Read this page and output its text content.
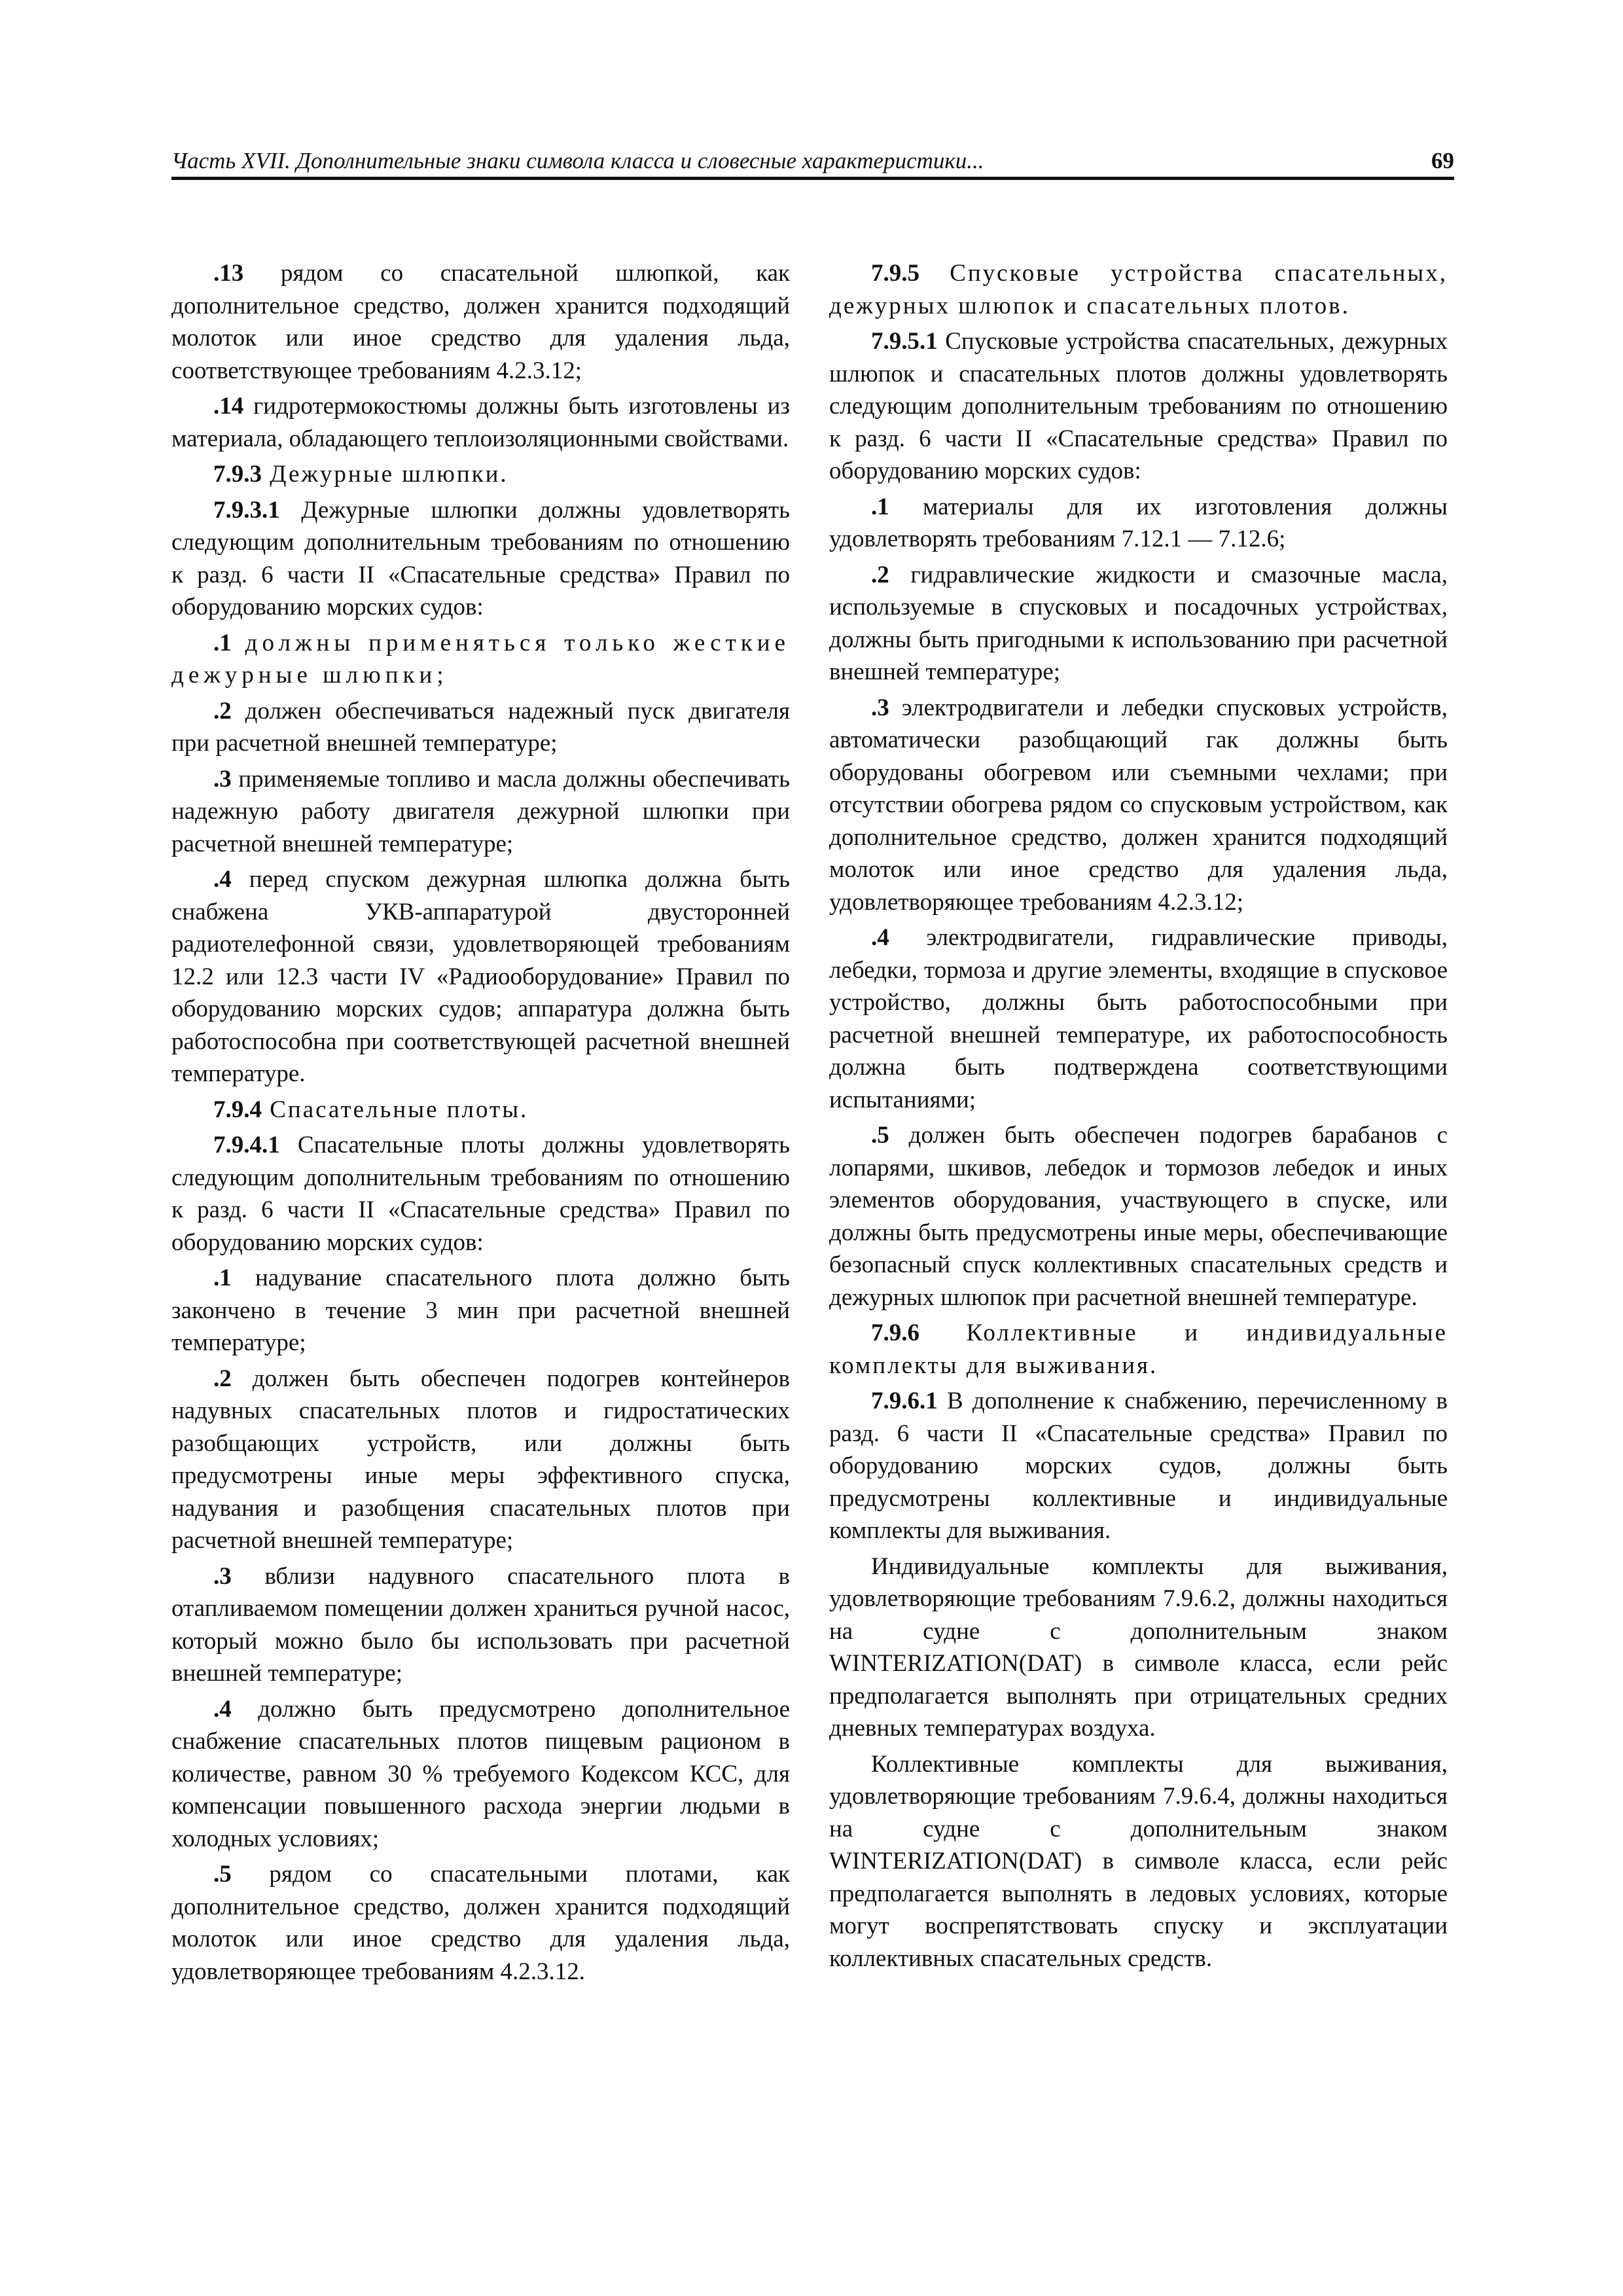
Часть XVII. Дополнительные знаки символа класса и словесные характеристики...	69

.13 рядом со спасательной шлюпкой, как дополнительное средство, должен хранится подходящий молоток или иное средство для удаления льда, соответствующее требованиям 4.2.3.12;

.14 гидротермокостюмы должны быть изготовлены из материала, обладающего теплоизоляционными свойствами.

7.9.3 Дежурные шлюпки.

7.9.3.1 Дежурные шлюпки должны удовлетворять следующим дополнительным требованиям по отношению к разд. 6 части II «Спасательные средства» Правил по оборудованию морских судов:

.1 должны применяться только жесткие дежурные шлюпки;

.2 должен обеспечиваться надежный пуск двигателя при расчетной внешней температуре;

.3 применяемые топливо и масла должны обеспечивать надежную работу двигателя дежурной шлюпки при расчетной внешней температуре;

.4 перед спуском дежурная шлюпка должна быть снабжена УКВ-аппаратурой двусторонней радиотелефонной связи, удовлетворяющей требованиям 12.2 или 12.3 части IV «Радиооборудование» Правил по оборудованию морских судов; аппаратура должна быть работоспособна при соответствующей расчетной внешней температуре.

7.9.4 Спасательные плоты.

7.9.4.1 Спасательные плоты должны удовлетворять следующим дополнительным требованиям по отношению к разд. 6 части II «Спасательные средства» Правил по оборудованию морских судов:

.1 надувание спасательного плота должно быть закончено в течение 3 мин при расчетной внешней температуре;

.2 должен быть обеспечен подогрев контейнеров надувных спасательных плотов и гидростатических разобщающих устройств, или должны быть предусмотрены иные меры эффективного спуска, надувания и разобщения спасательных плотов при расчетной внешней температуре;

.3 вблизи надувного спасательного плота в отапливаемом помещении должен храниться ручной насос, который можно было бы использовать при расчетной внешней температуре;

.4 должно быть предусмотрено дополнительное снабжение спасательных плотов пищевым рационом в количестве, равном 30 % требуемого Кодексом КСС, для компенсации повышенного расхода энергии людьми в холодных условиях;

.5 рядом со спасательными плотами, как дополнительное средство, должен хранится подходящий молоток или иное средство для удаления льда, удовлетворяющее требованиям 4.2.3.12.

7.9.5 Спусковые устройства спасательных, дежурных шлюпок и спасательных плотов.

7.9.5.1 Спусковые устройства спасательных, дежурных шлюпок и спасательных плотов должны удовлетворять следующим дополнительным требованиям по отношению к разд. 6 части II «Спасательные средства» Правил по оборудованию морских судов:

.1 материалы для их изготовления должны удовлетворять требованиям 7.12.1 — 7.12.6;

.2 гидравлические жидкости и смазочные масла, используемые в спусковых и посадочных устройствах, должны быть пригодными к использованию при расчетной внешней температуре;

.3 электродвигатели и лебедки спусковых устройств, автоматически разобщающий гак должны быть оборудованы обогревом или съемными чехлами; при отсутствии обогрева рядом со спусковым устройством, как дополнительное средство, должен хранится подходящий молоток или иное средство для удаления льда, удовлетворяющее требованиям 4.2.3.12;

.4 электродвигатели, гидравлические приводы, лебедки, тормоза и другие элементы, входящие в спусковое устройство, должны быть работоспособными при расчетной внешней температуре, их работоспособность должна быть подтверждена соответствующими испытаниями;

.5 должен быть обеспечен подогрев барабанов с лопарями, шкивов, лебедок и тормозов лебедок и иных элементов оборудования, участвующего в спуске, или должны быть предусмотрены иные меры, обеспечивающие безопасный спуск коллективных спасательных средств и дежурных шлюпок при расчетной внешней температуре.

7.9.6 Коллективные и индивидуальные комплекты для выживания.

7.9.6.1 В дополнение к снабжению, перечисленному в разд. 6 части II «Спасательные средства» Правил по оборудованию морских судов, должны быть предусмотрены коллективные и индивидуальные комплекты для выживания.

Индивидуальные комплекты для выживания, удовлетворяющие требованиям 7.9.6.2, должны находиться на судне с дополнительным знаком WINTERIZATION(DAT) в символе класса, если рейс предполагается выполнять при отрицательных средних дневных температурах воздуха.

Коллективные комплекты для выживания, удовлетворяющие требованиям 7.9.6.4, должны находиться на судне с дополнительным знаком WINTERIZATION(DAT) в символе класса, если рейс предполагается выполнять в ледовых условиях, которые могут воспрепятствовать спуску и эксплуатации коллективных спасательных средств.
